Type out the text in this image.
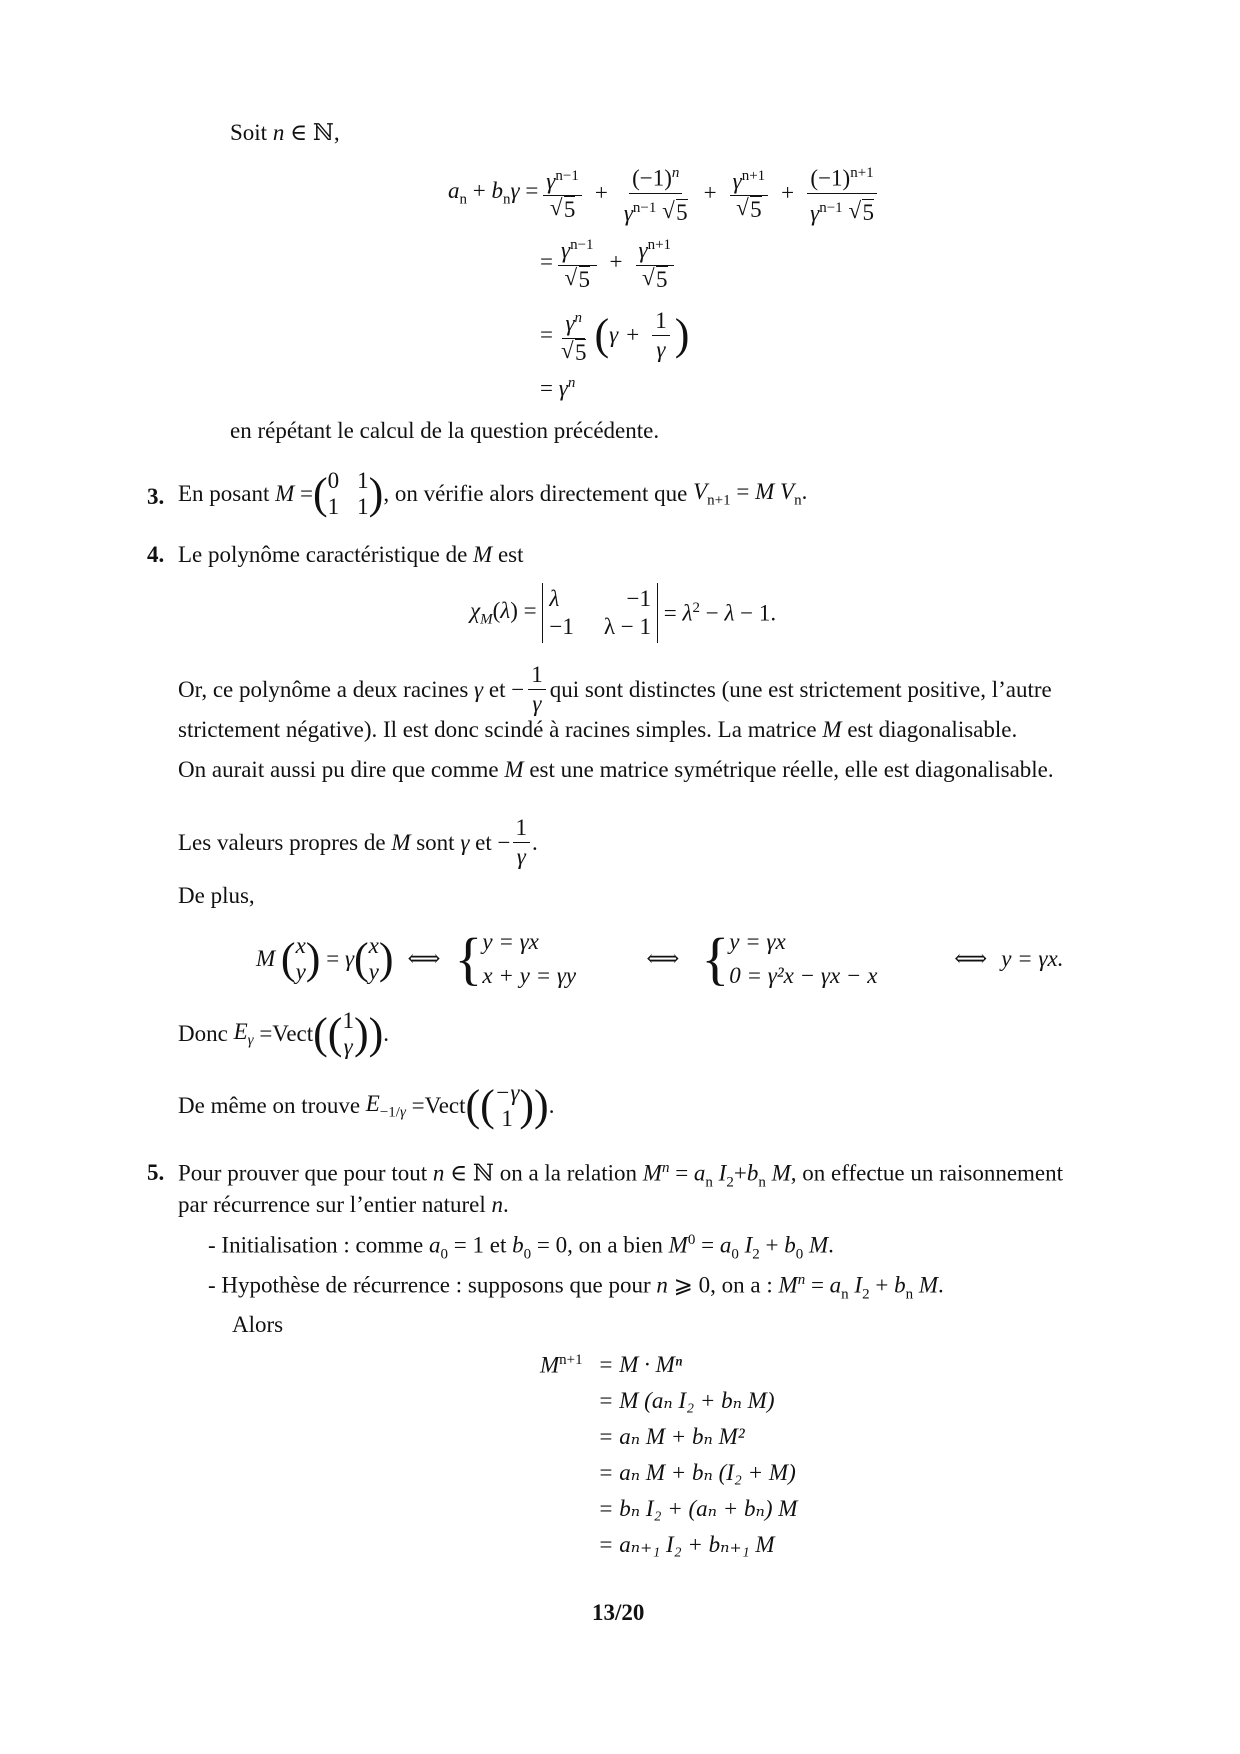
Soit n ∈ ℕ,
$a_n + b_n\gamma = \gamma^{n-1}$
√ $5 + \frac{(-1)^n}{\gamma^{n-1} √ 5} + \gamma^{n+1}$
√ $5 + \frac{(-1)^{n+1}}{\gamma^{n-1} √ 5}$
= $\gamma^{n-1}$
√ $5 + \gamma^{n+1}$
√ 5
= $\gamma^n$
√ 5 ( $\gamma + \frac{1}{\gamma}$ )
= $\gamma^n$
en répétant le calcul de la question précédente.
3. En posant M = ( 0 1
1 1 ) , on vérifie alors directement que $V_{n+1} = M$ $V_n$.
4. Le polynôme caractéristique de M est
$\chi_M(\lambda) = \lambda$	−1
−1 λ − 1
= $\lambda^2 - \lambda - 1$.
Or, ce polynôme a deux racines γ et − $\frac{1}{\gamma}$ qui sont distinctes (une est strictement positive, l’autre
strictement négative). Il est donc scindé à racines simples. La matrice M est diagonalisable.
On aurait aussi pu dire que comme M est une matrice symétrique réelle, elle est diagonalisable.
Les valeurs propres de M sont γ et − $\frac{1}{\gamma}$ .
De plus,
M
( x
y ) = γ ( x
y ) ⟺ { y = γx
x + y = γy
⟺ { y = γx
0 = γ²x − γx − x
⟺ y = γx.
Donc $E_\gamma$ =Vect (( 1
γ )) .
De même on trouve $E_{-1/\gamma}$ =Vect (( −γ
1 )) .
5. Pour prouver que pour tout n ∈ ℕ on a la relation $M^n = a_n$ $I_2+b_n$ M, on effectue un raisonnement
par récurrence sur l’entier naturel n.
- Initialisation : comme $a_0 = 1$ et $b_0 = 0$, on a bien $M^0 = a_0$ $I_2 + b_0$ M.
- Hypothèse de récurrence : supposons que pour n ⩾ 0, on a : $M^n = a_n$ $I_2 + b_n$ M.
Alors
$M^{n+1} = M \cdot M^n$
= M (aₙ I₂ + bₙ M)
= aₙ M + bₙ M²
= aₙ M + bₙ (I₂ + M)
= bₙ I₂ + (aₙ + bₙ) M
= aₙ₊₁ I₂ + bₙ₊₁ M
13/20
